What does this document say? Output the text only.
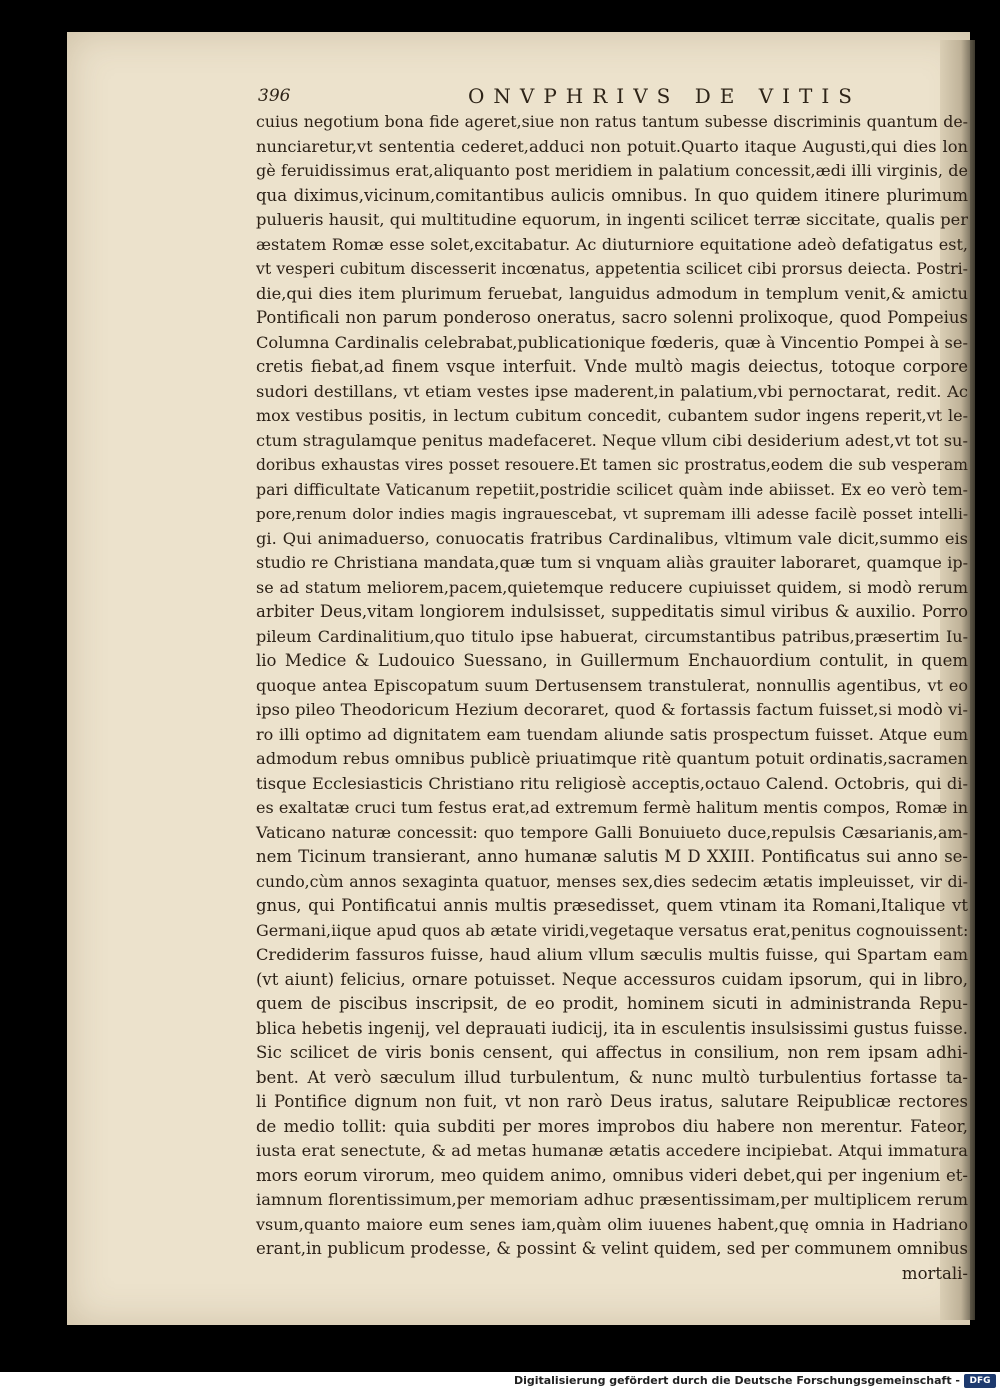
396	ONVPHRIVS DE VITIS
cuius negotium bona fide ageret,siue non ratus tantum subesse discriminis quantum de-
nunciaretur,vt sententia cederet,adduci non potuit.Quarto itaque Augusti,qui dies lon
gè feruidissimus erat,aliquanto post meridiem in palatium concessit,ædi illi virginis, de
qua diximus,vicinum,comitantibus aulicis omnibus. In quo quidem itinere plurimum
pulueris hausit, qui multitudine equorum, in ingenti scilicet terræ siccitate, qualis per
æstatem Romæ esse solet,excitabatur. Ac diuturniore equitatione adeò defatigatus est,
vt vesperi cubitum discesserit incœnatus, appetentia scilicet cibi prorsus deiecta. Postri-
die,qui dies item plurimum feruebat, languidus admodum in templum venit,& amictu
Pontificali non parum ponderoso oneratus, sacro solenni prolixoque, quod Pompeius
Columna Cardinalis celebrabat,publicationique fœderis, quæ à Vincentio Pompei à se-
cretis fiebat,ad finem vsque interfuit. Vnde multò magis deiectus, totoque corpore
sudori destillans, vt etiam vestes ipse maderent,in palatium,vbi pernoctarat, redit. Ac
mox vestibus positis, in lectum cubitum concedit, cubantem sudor ingens reperit,vt le-
ctum stragulamque penitus madefaceret. Neque vllum cibi desiderium adest,vt tot su-
doribus exhaustas vires posset resouere.Et tamen sic prostratus,eodem die sub vesperam
pari difficultate Vaticanum repetiit,postridie scilicet quàm inde abiisset. Ex eo verò tem-
pore,renum dolor indies magis ingrauescebat, vt supremam illi adesse facilè posset intelli-
gi. Qui animaduerso, conuocatis fratribus Cardinalibus, vltimum vale dicit,summo eis
studio re Christiana mandata,quæ tum si vnquam aliàs grauiter laboraret, quamque ip-
se ad statum meliorem,pacem,quietemque reducere cupiuisset quidem, si modò rerum
arbiter Deus,vitam longiorem indulsisset, suppeditatis simul viribus & auxilio. Porro
pileum Cardinalitium,quo titulo ipse habuerat, circumstantibus patribus,præsertim Iu-
lio Medice & Ludouico Suessano, in Guillermum Enchauordium contulit, in quem
quoque antea Episcopatum suum Dertusensem transtulerat, nonnullis agentibus, vt eo
ipso pileo Theodoricum Hezium decoraret, quod & fortassis factum fuisset,si modò vi-
ro illi optimo ad dignitatem eam tuendam aliunde satis prospectum fuisset. Atque eum
admodum rebus omnibus publicè priuatimque ritè quantum potuit ordinatis,sacramen
tisque Ecclesiasticis Christiano ritu religiosè acceptis,octauo Calend. Octobris, qui di-
es exaltatæ cruci tum festus erat,ad extremum fermè halitum mentis compos, Romæ in
Vaticano naturæ concessit: quo tempore Galli Bonuiueto duce,repulsis Cæsarianis,am-
nem Ticinum transierant, anno humanæ salutis M D XXIII. Pontificatus sui anno se-
cundo,cùm annos sexaginta quatuor, menses sex,dies sedecim ætatis impleuisset, vir di-
gnus, qui Pontificatui annis multis præsedisset, quem vtinam ita Romani,Italique vt
Germani,iique apud quos ab ætate viridi,vegetaque versatus erat,penitus cognouissent:
Crediderim fassuros fuisse, haud alium vllum sæculis multis fuisse, qui Spartam eam
(vt aiunt) felicius, ornare potuisset. Neque accessuros cuidam ipsorum, qui in libro,
quem de piscibus inscripsit, de eo prodit, hominem sicuti in administranda Repu-
blica hebetis ingenij, vel deprauati iudicij, ita in esculentis insulsissimi gustus fuisse.
Sic scilicet de viris bonis censent, qui affectus in consilium, non rem ipsam adhi-
bent. At verò sæculum illud turbulentum, & nunc multò turbulentius fortasse ta-
li Pontifice dignum non fuit, vt non rarò Deus iratus, salutare Reipublicæ rectores
de medio tollit: quia subditi per mores improbos diu habere non merentur. Fateor,
iusta erat senectute, & ad metas humanæ ætatis accedere incipiebat. Atqui immatura
mors eorum virorum, meo quidem animo, omnibus videri debet,qui per ingenium et-
iamnum florentissimum,per memoriam adhuc præsentissimam,per multiplicem rerum
vsum,quanto maiore eum senes iam,quàm olim iuuenes habent,quę omnia in Hadriano
erant,in publicum prodesse, & possint & velint quidem, sed per communem omnibus
mortali-
Digitalisierung gefördert durch die Deutsche Forschungsgemeinschaft -	DFG
